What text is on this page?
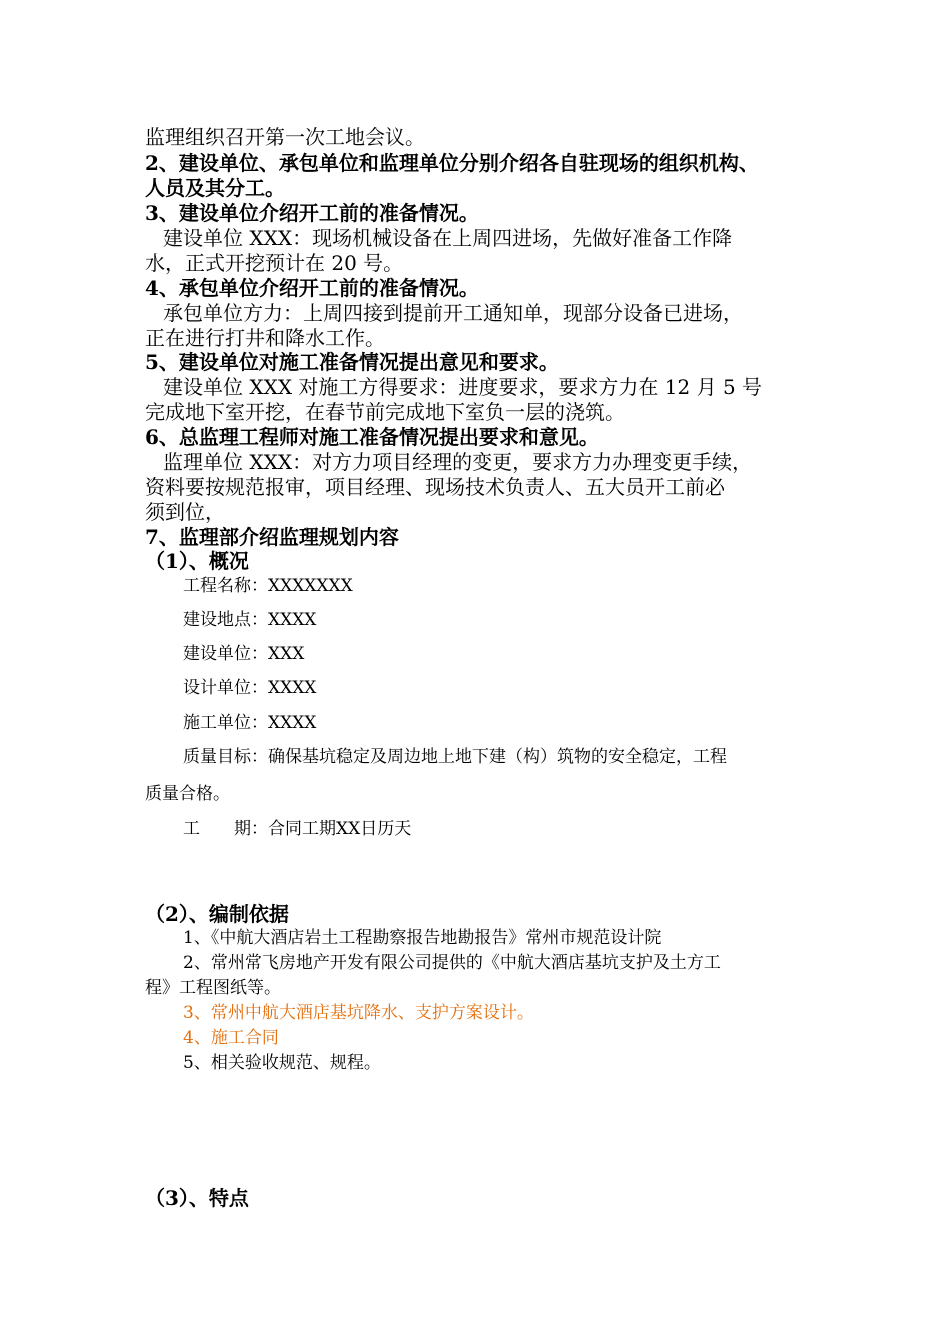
监理组织召开第一次工地会议。
2、建设单位、承包单位和监理单位分别介绍各自驻现场的组织机构、
人员及其分工。
3、建设单位介绍开工前的准备情况。
建设单位 XXX：现场机械设备在上周四进场，先做好准备工作降
水，正式开挖预计在 20 号。
4、承包单位介绍开工前的准备情况。
承包单位方力：上周四接到提前开工通知单，现部分设备已进场，
正在进行打井和降水工作。
5、建设单位对施工准备情况提出意见和要求。
建设单位 XXX 对施工方得要求：进度要求，要求方力在 12 月 5 号
完成地下室开挖，在春节前完成地下室负一层的浇筑。
6、总监理工程师对施工准备情况提出要求和意见。
监理单位 XXX：对方力项目经理的变更，要求方力办理变更手续，
资料要按规范报审，项目经理、现场技术负责人、五大员开工前必
须到位，
7、监理部介绍监理规划内容
（1）、概况
工程名称：XXXXXXX
建设地点：XXXX
建设单位：XXX
设计单位：XXXX
施工单位：XXXX
质量目标：确保基坑稳定及周边地上地下建（构）筑物的安全稳定，工程
质量合格。
工　　期：合同工期XX日历天
（2）、编制依据
1、《中航大酒店岩土工程勘察报告地勘报告》常州市规范设计院
2、常州常飞房地产开发有限公司提供的《中航大酒店基坑支护及土方工
程》工程图纸等。
3、常州中航大酒店基坑降水、支护方案设计。
4、施工合同
5、相关验收规范、规程。
（3）、特点
